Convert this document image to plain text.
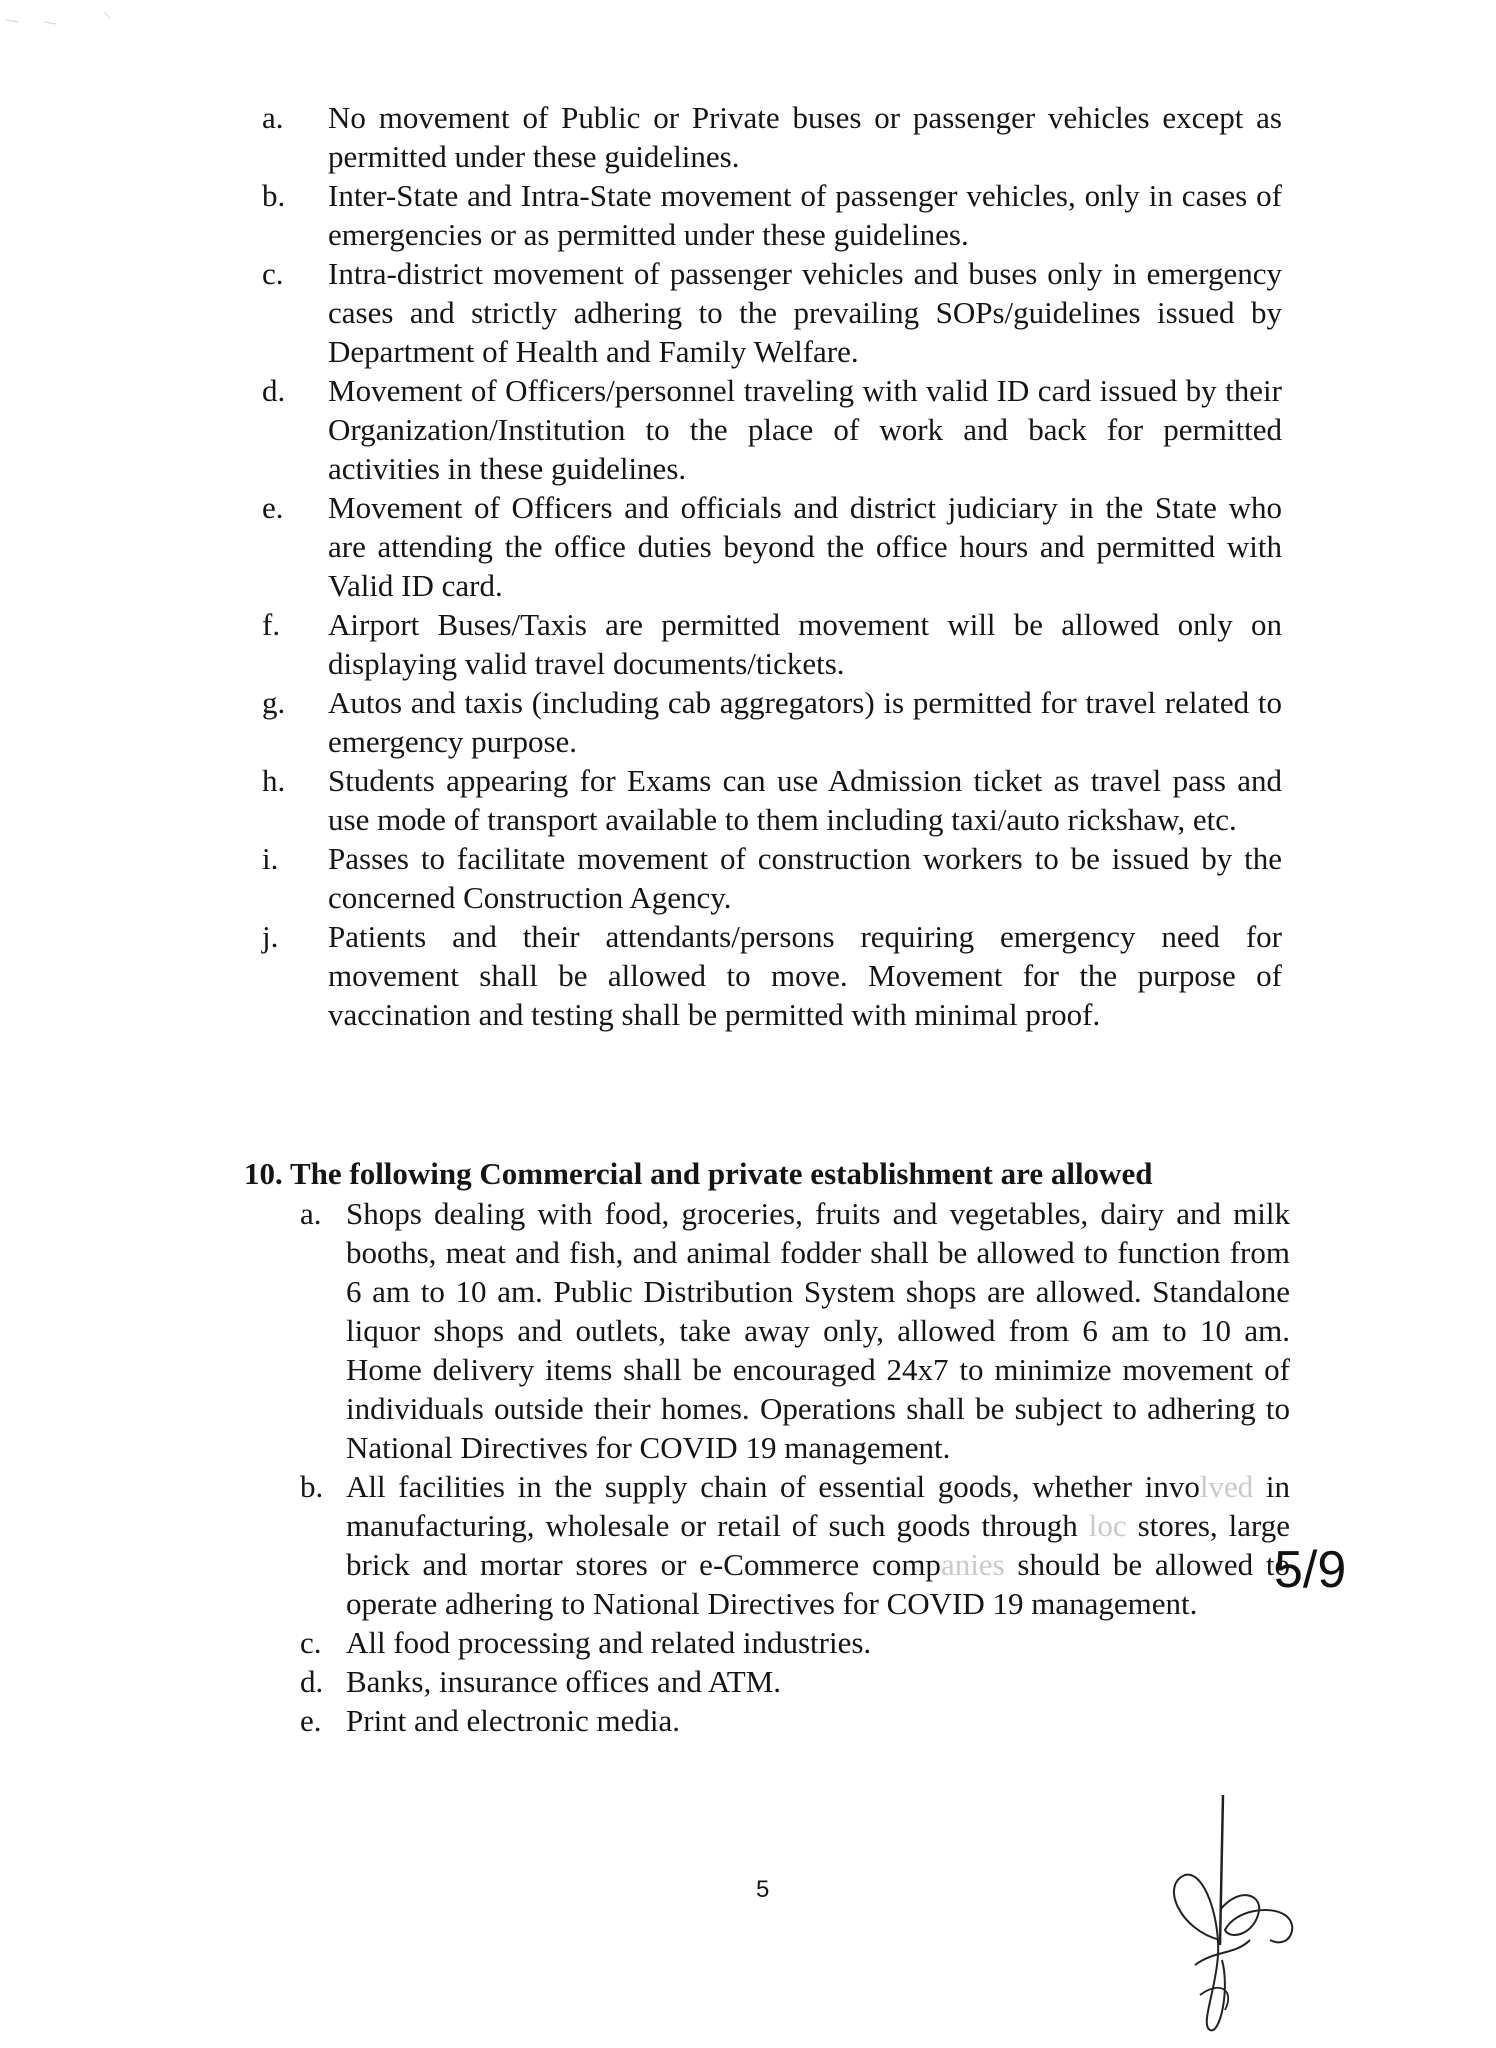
a.	No movement of Public or Private buses or passenger vehicles except as permitted under these guidelines.
b.	Inter-State and Intra-State movement of passenger vehicles, only in cases of emergencies or as permitted under these guidelines.
c.	Intra-district movement of passenger vehicles and buses only in emergency cases and strictly adhering to the prevailing SOPs/guidelines issued by Department of Health and Family Welfare.
d.	Movement of Officers/personnel traveling with valid ID card issued by their Organization/Institution to the place of work and back for permitted activities in these guidelines.
e.	Movement of Officers and officials and district judiciary in the State who are attending the office duties beyond the office hours and permitted with Valid ID card.
f.	Airport Buses/Taxis are permitted movement will be allowed only on displaying valid travel documents/tickets.
g.	Autos and taxis (including cab aggregators) is permitted for travel related to emergency purpose.
h.	Students appearing for Exams can use Admission ticket as travel pass and use mode of transport available to them including taxi/auto rickshaw, etc.
i.	Passes to facilitate movement of construction workers to be issued by the concerned Construction Agency.
j.	Patients and their attendants/persons requiring emergency need for movement shall be allowed to move. Movement for the purpose of vaccination and testing shall be permitted with minimal proof.
10. The following Commercial and private establishment are allowed
a. Shops dealing with food, groceries, fruits and vegetables, dairy and milk booths, meat and fish, and animal fodder shall be allowed to function from 6 am to 10 am. Public Distribution System shops are allowed. Standalone liquor shops and outlets, take away only, allowed from 6 am to 10 am. Home delivery items shall be encouraged 24x7 to minimize movement of individuals outside their homes. Operations shall be subject to adhering to National Directives for COVID 19 management.
b. All facilities in the supply chain of essential goods, whether involved in manufacturing, wholesale or retail of such goods through loc stores, large brick and mortar stores or e-Commerce companies should be allowed to operate adhering to National Directives for COVID 19 management.
c. All food processing and related industries.
d. Banks, insurance offices and ATM.
e. Print and electronic media.
5/9
5
